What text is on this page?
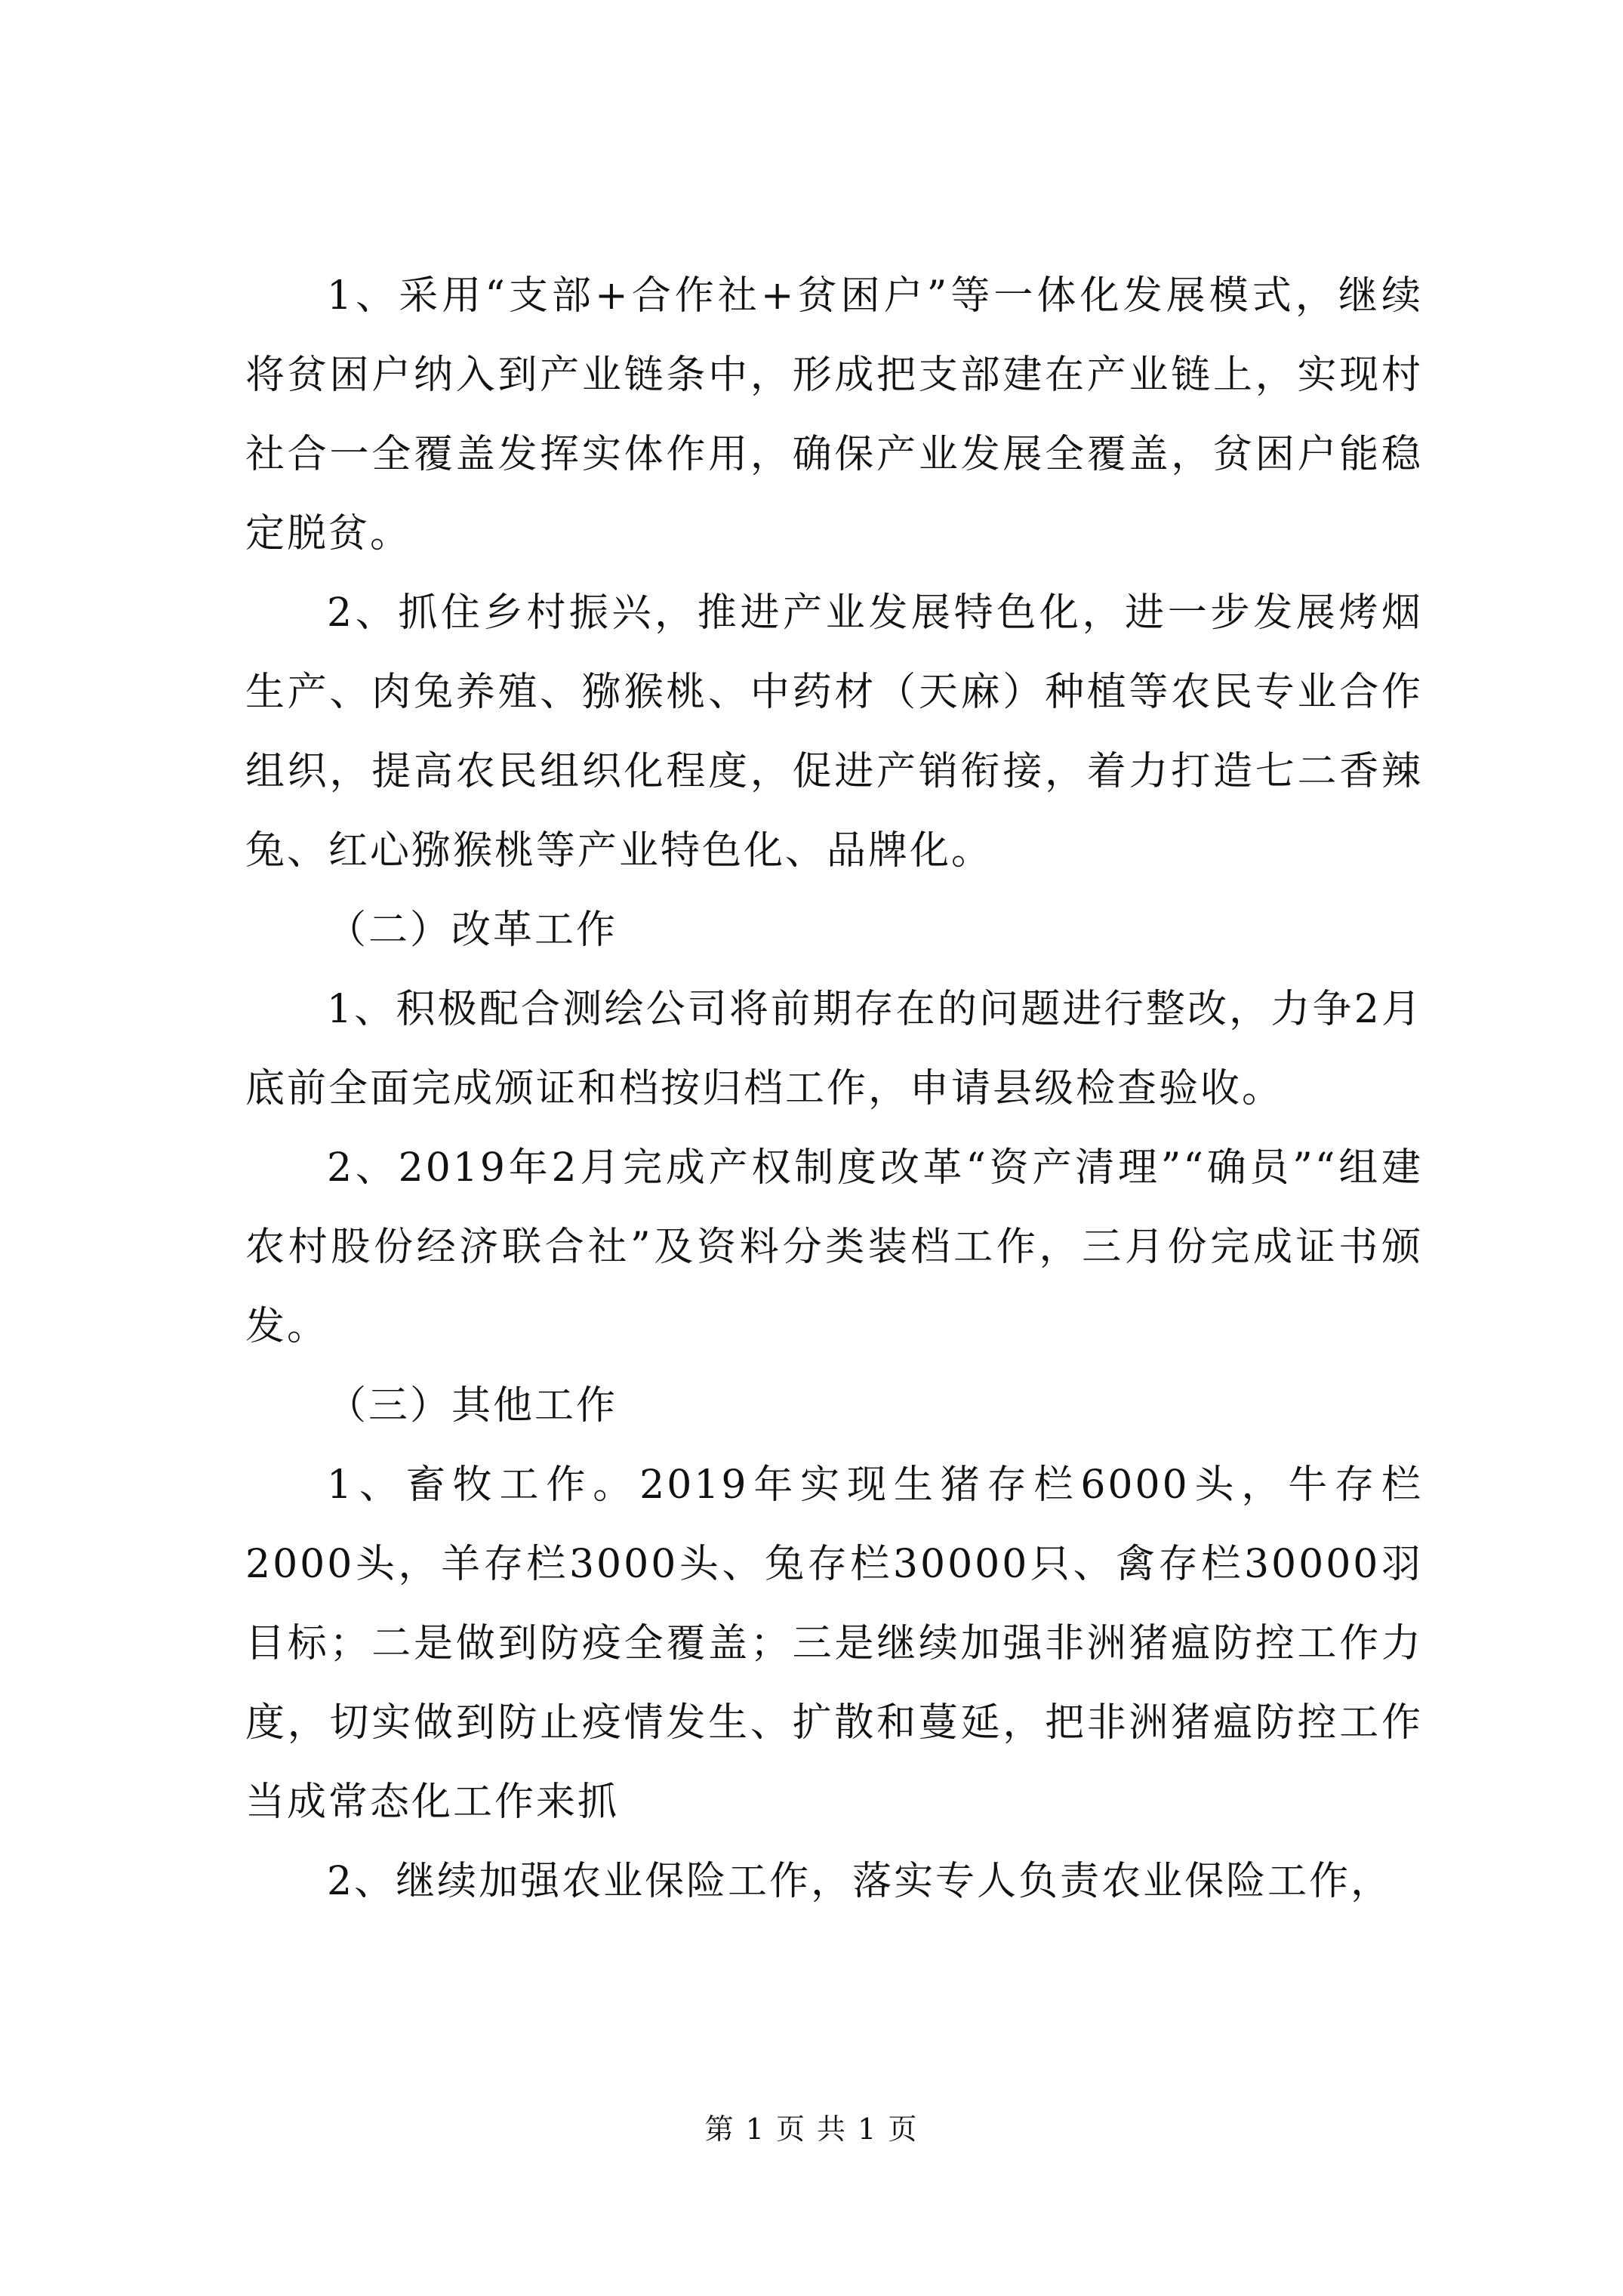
1、采用“支部+合作社+贫困户”等一体化发展模式，继续将贫困户纳入到产业链条中，形成把支部建在产业链上，实现村社合一全覆盖发挥实体作用，确保产业发展全覆盖，贫困户能稳定脱贫。

2、抓住乡村振兴，推进产业发展特色化，进一步发展烤烟生产、肉兔养殖、猕猴桃、中药材（天麻）种植等农民专业合作组织，提高农民组织化程度，促进产销衔接，着力打造七二香辣兔、红心猕猴桃等产业特色化、品牌化。

（二）改革工作

1、积极配合测绘公司将前期存在的问题进行整改，力争2月底前全面完成颁证和档按归档工作，申请县级检查验收。

2、2019年2月完成产权制度改革“资产清理”“确员”“组建农村股份经济联合社”及资料分类装档工作，三月份完成证书颁发。

（三）其他工作

1、畜牧工作。2019年实现生猪存栏6000头，牛存栏2000头，羊存栏3000头、兔存栏30000只、禽存栏30000羽目标；二是做到防疫全覆盖；三是继续加强非洲猪瘟防控工作力度，切实做到防止疫情发生、扩散和蔓延，把非洲猪瘟防控工作当成常态化工作来抓

2、继续加强农业保险工作，落实专人负责农业保险工作，

第 1 页 共 1 页
